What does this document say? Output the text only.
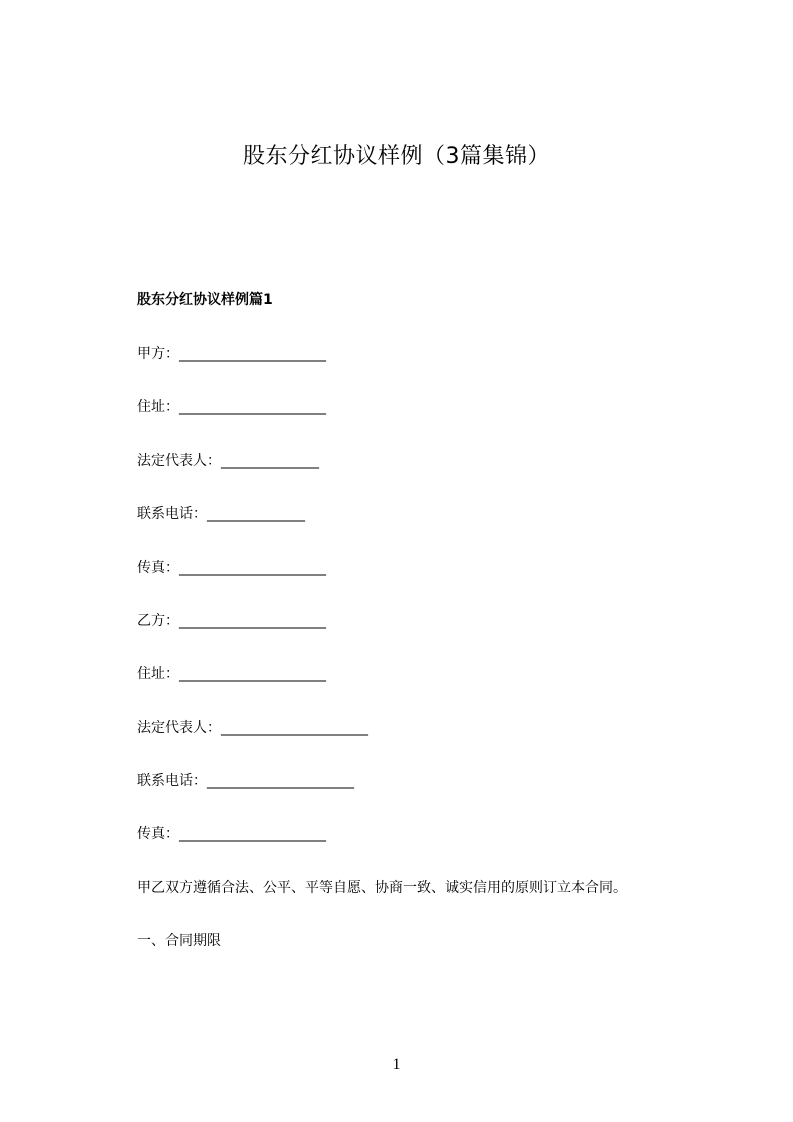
股东分红协议样例（3篇集锦）
股东分红协议样例篇1
甲方：_____________________
住址：_____________________
法定代表人：______________
联系电话：______________
传真：_____________________
乙方：_____________________
住址：_____________________
法定代表人：_____________________
联系电话：_____________________
传真：_____________________
甲乙双方遵循合法、公平、平等自愿、协商一致、诚实信用的原则订立本合同。
一、合同期限
1
